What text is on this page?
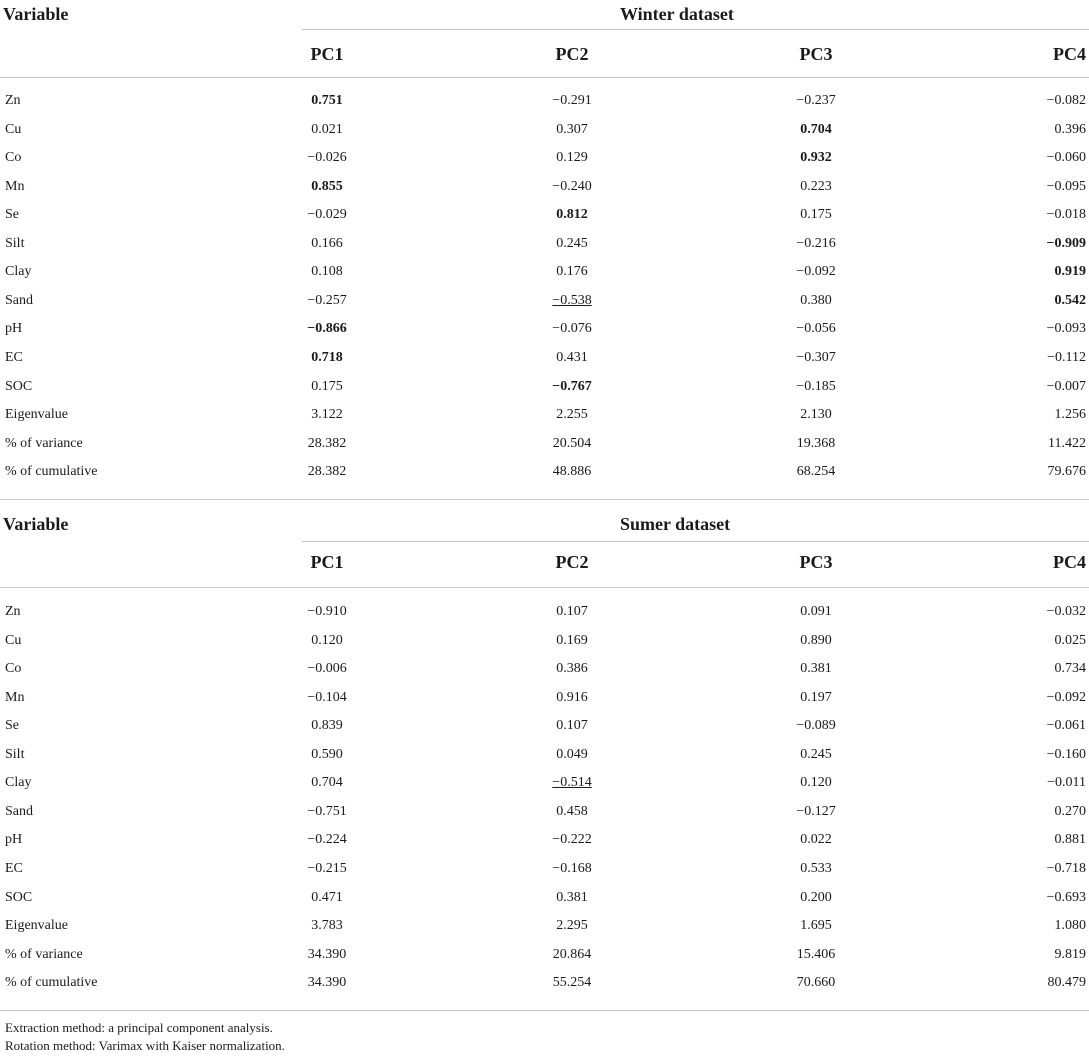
Variable	Winter dataset
PC1	PC2	PC3	PC4
Zn	0.751	−0.291	−0.237	−0.082
Cu	0.021	0.307	0.704	0.396
Co	−0.026	0.129	0.932	−0.060
Mn	0.855	−0.240	0.223	−0.095
Se	−0.029	0.812	0.175	−0.018
Silt	0.166	0.245	−0.216	−0.909
Clay	0.108	0.176	−0.092	0.919
Sand	−0.257	−0.538	0.380	0.542
pH	−0.866	−0.076	−0.056	−0.093
EC	0.718	0.431	−0.307	−0.112
SOC	0.175	−0.767	−0.185	−0.007
Eigenvalue	3.122	2.255	2.130	1.256
% of variance	28.382	20.504	19.368	11.422
% of cumulative	28.382	48.886	68.254	79.676
Variable	Sumer dataset
PC1	PC2	PC3	PC4
Zn	−0.910	0.107	0.091	−0.032
Cu	0.120	0.169	0.890	0.025
Co	−0.006	0.386	0.381	0.734
Mn	−0.104	0.916	0.197	−0.092
Se	0.839	0.107	−0.089	−0.061
Silt	0.590	0.049	0.245	−0.160
Clay	0.704	−0.514	0.120	−0.011
Sand	−0.751	0.458	−0.127	0.270
pH	−0.224	−0.222	0.022	0.881
EC	−0.215	−0.168	0.533	−0.718
SOC	0.471	0.381	0.200	−0.693
Eigenvalue	3.783	2.295	1.695	1.080
% of variance	34.390	20.864	15.406	9.819
% of cumulative	34.390	55.254	70.660	80.479
Extraction method: a principal component analysis.
Rotation method: Varimax with Kaiser normalization.
